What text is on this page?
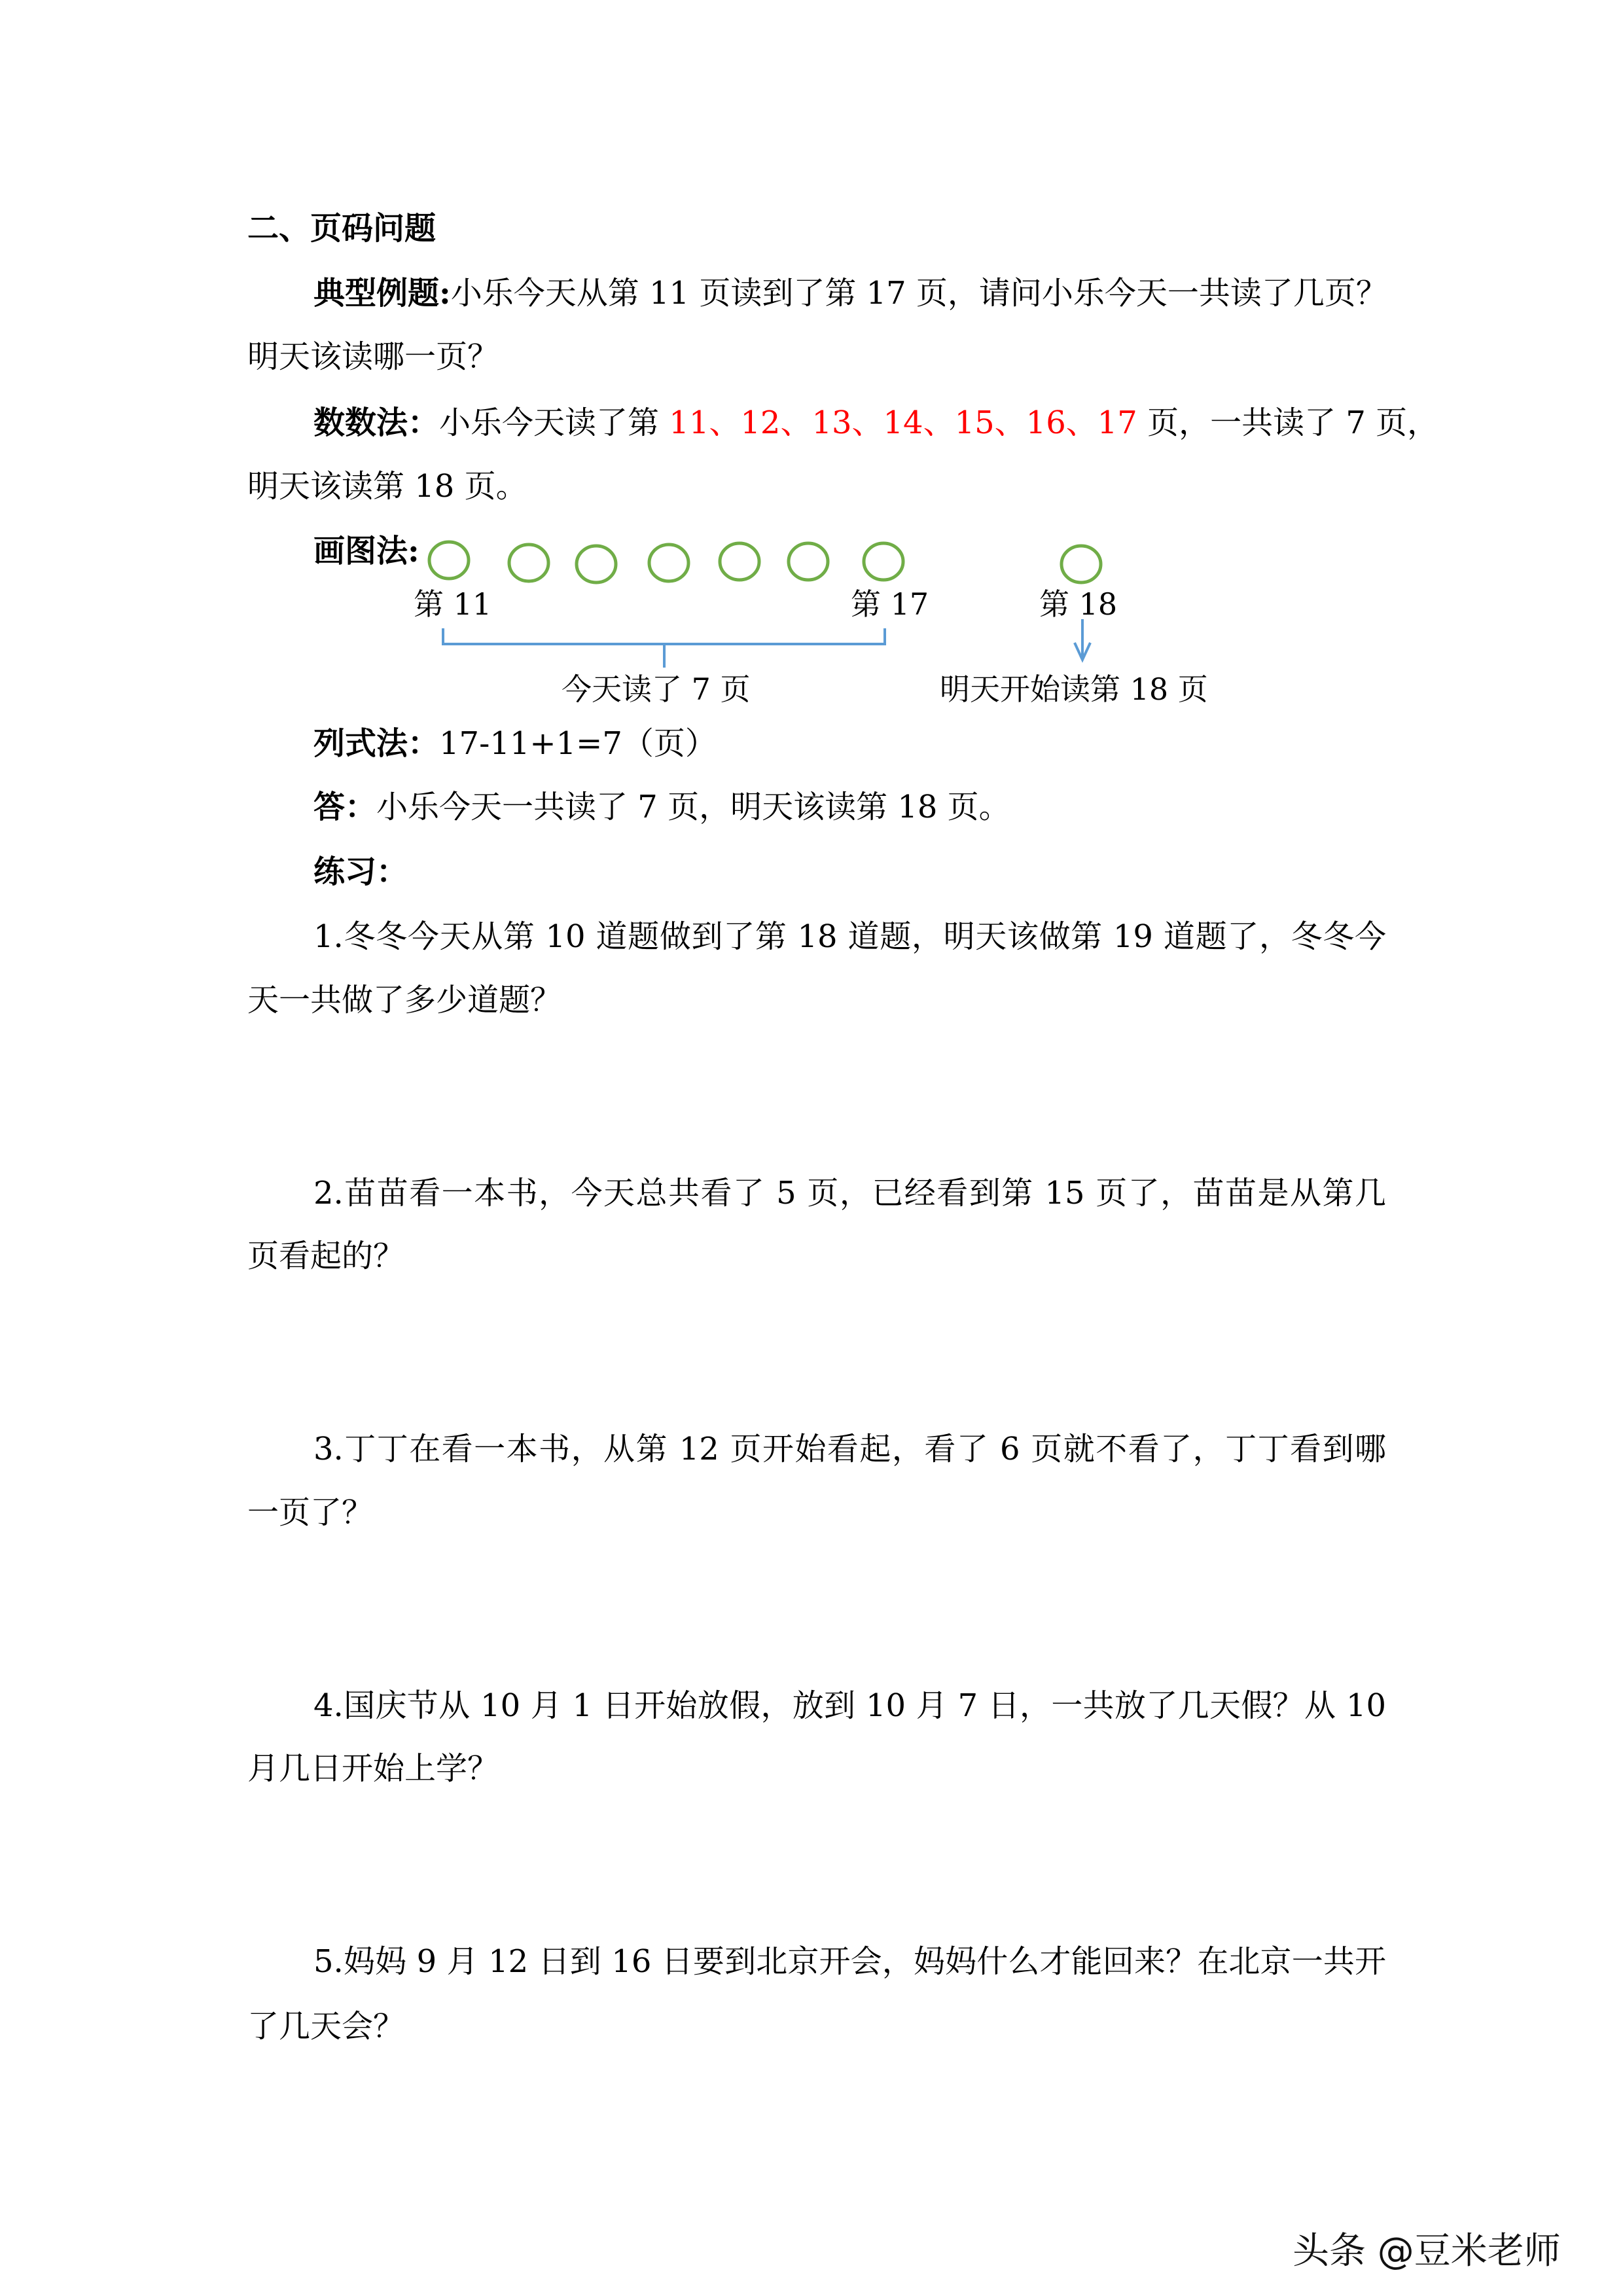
二、页码问题
典型例题:小乐今天从第 11 页读到了第 17 页，请问小乐今天一共读了几页？
明天该读哪一页？
数数法：小乐今天读了第 11、12、13、14、15、16、17 页，一共读了 7 页，
明天该读第 18 页。
画图法:
第 11	第 17	第 18
今天读了 7 页	明天开始读第 18 页
列式法：17-11+1=7（页）
答：小乐今天一共读了 7 页，明天该读第 18 页。
练习：
1.冬冬今天从第 10 道题做到了第 18 道题，明天该做第 19 道题了，冬冬今
天一共做了多少道题？
2.苗苗看一本书，今天总共看了 5 页，已经看到第 15 页了，苗苗是从第几
页看起的？
3.丁丁在看一本书，从第 12 页开始看起，看了 6 页就不看了，丁丁看到哪
一页了？
4.国庆节从 10 月 1 日开始放假，放到 10 月 7 日，一共放了几天假？从 10
月几日开始上学？
5.妈妈 9 月 12 日到 16 日要到北京开会，妈妈什么才能回来？在北京一共开
了几天会？
头条 @豆米老师
